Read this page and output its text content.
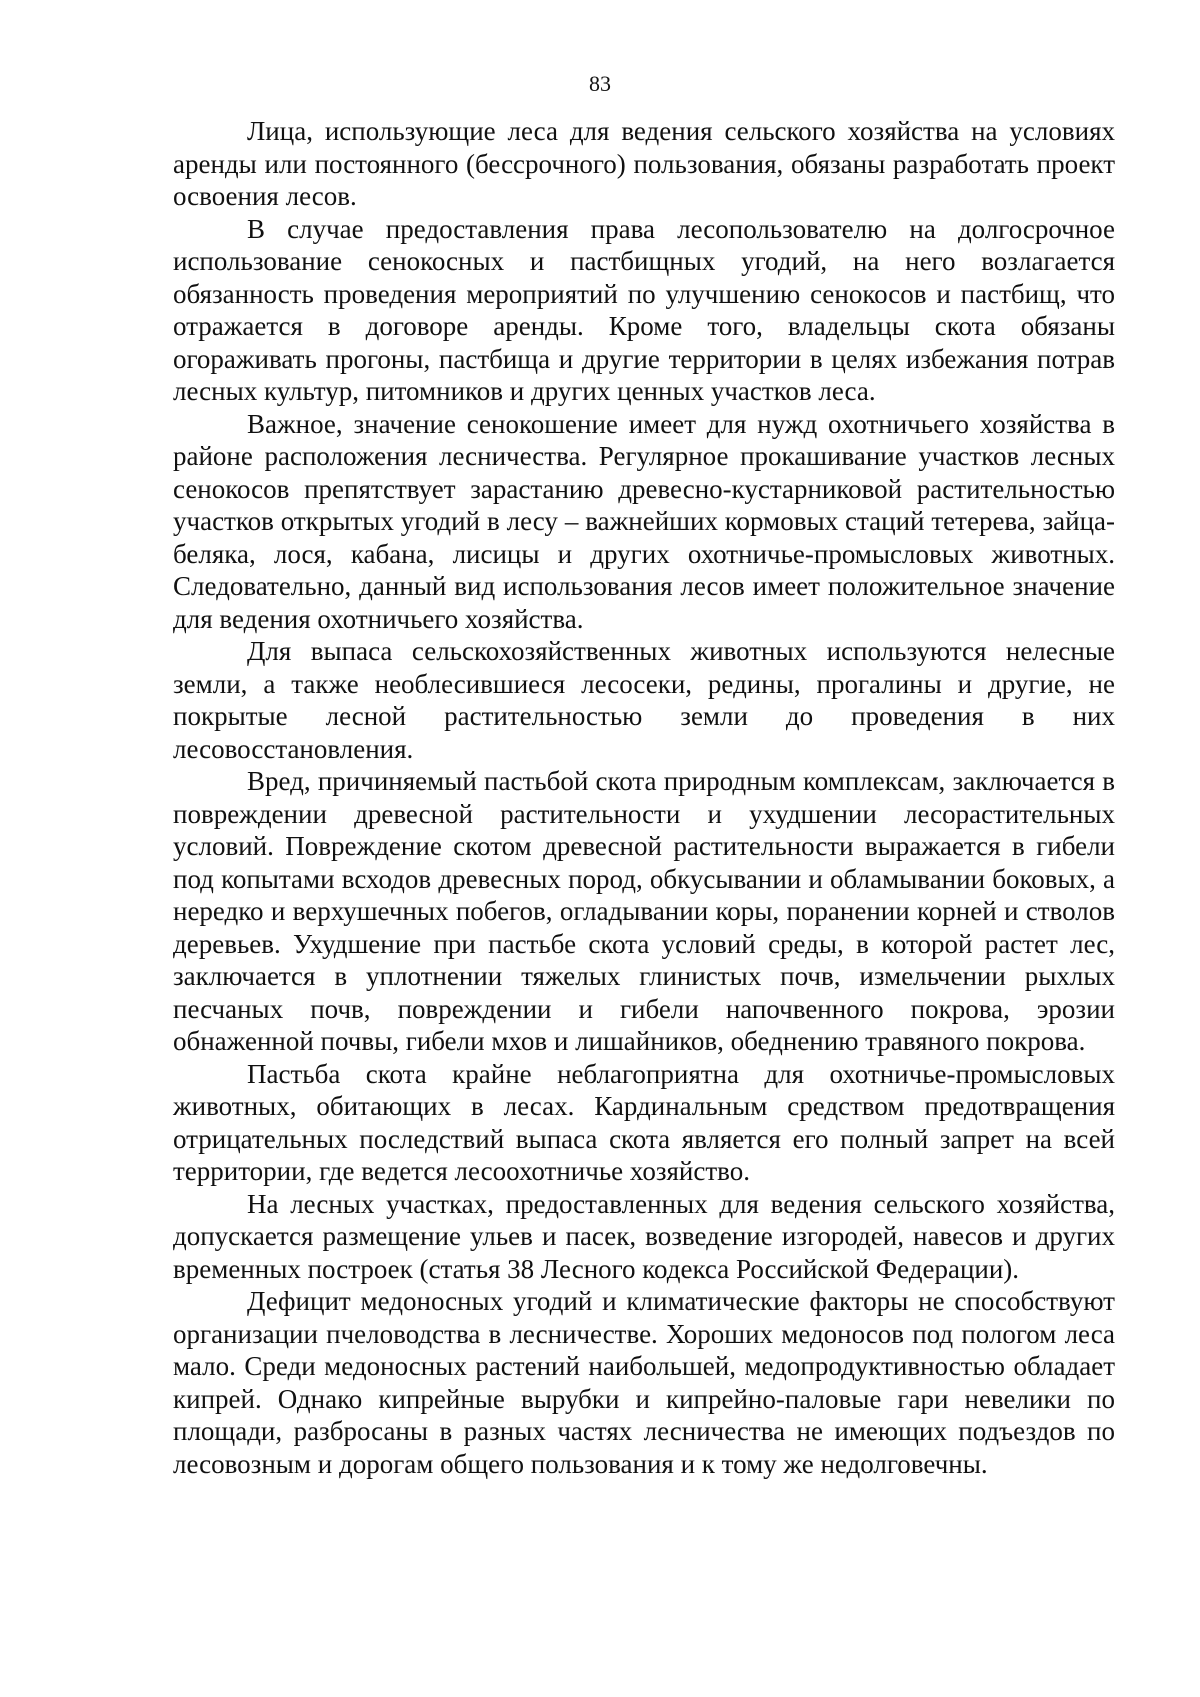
83

Лица, использующие леса для ведения сельского хозяйства на условиях аренды или постоянного (бессрочного) пользования, обязаны разработать проект освоения лесов.

В случае предоставления права лесопользователю на долгосрочное использование сенокосных и пастбищных угодий, на него возлагается обязанность проведения мероприятий по улучшению сенокосов и пастбищ, что отражается в договоре аренды. Кроме того, владельцы скота обязаны огораживать прогоны, пастбища и другие территории в целях избежания потрав лесных культур, питомников и других ценных участков леса.

Важное, значение сенокошение имеет для нужд охотничьего хозяйства в районе расположения лесничества. Регулярное прокашивание участков лесных сенокосов препятствует зарастанию древесно-кустарниковой растительностью участков открытых угодий в лесу – важнейших кормовых стаций тетерева, зайца-беляка, лося, кабана, лисицы и других охотничье-промысловых животных. Следовательно, данный вид использования лесов имеет положительное значение для ведения охотничьего хозяйства.

Для выпаса сельскохозяйственных животных используются нелесные земли, а также необлесившиеся лесосеки, редины, прогалины и другие, не покрытые лесной растительностью земли до проведения в них лесовосстановления.

Вред, причиняемый пастьбой скота природным комплексам, заключается в повреждении древесной растительности и ухудшении лесорастительных условий. Повреждение скотом древесной растительности выражается в гибели под копытами всходов древесных пород, обкусывании и обламывании боковых, а нередко и верхушечных побегов, огладывании коры, поранении корней и стволов деревьев. Ухудшение при пастьбе скота условий среды, в которой растет лес, заключается в уплотнении тяжелых глинистых почв, измельчении рыхлых песчаных почв, повреждении и гибели напочвенного покрова, эрозии обнаженной почвы, гибели мхов и лишайников, обеднению травяного покрова.

Пастьба скота крайне неблагоприятна для охотничье-промысловых животных, обитающих в лесах. Кардинальным средством предотвращения отрицательных последствий выпаса скота является его полный запрет на всей территории, где ведется лесоохотничье хозяйство.

На лесных участках, предоставленных для ведения сельского хозяйства, допускается размещение ульев и пасек, возведение изгородей, навесов и других временных построек (статья 38 Лесного кодекса Российской Федерации).

Дефицит медоносных угодий и климатические факторы не способствуют организации пчеловодства в лесничестве. Хороших медоносов под пологом леса мало. Среди медоносных растений наибольшей, медопродуктивностью обладает кипрей. Однако кипрейные вырубки и кипрейно-паловые гари невелики по площади, разбросаны в разных частях лесничества не имеющих подъездов по лесовозным и дорогам общего пользования и к тому же недолговечны.
